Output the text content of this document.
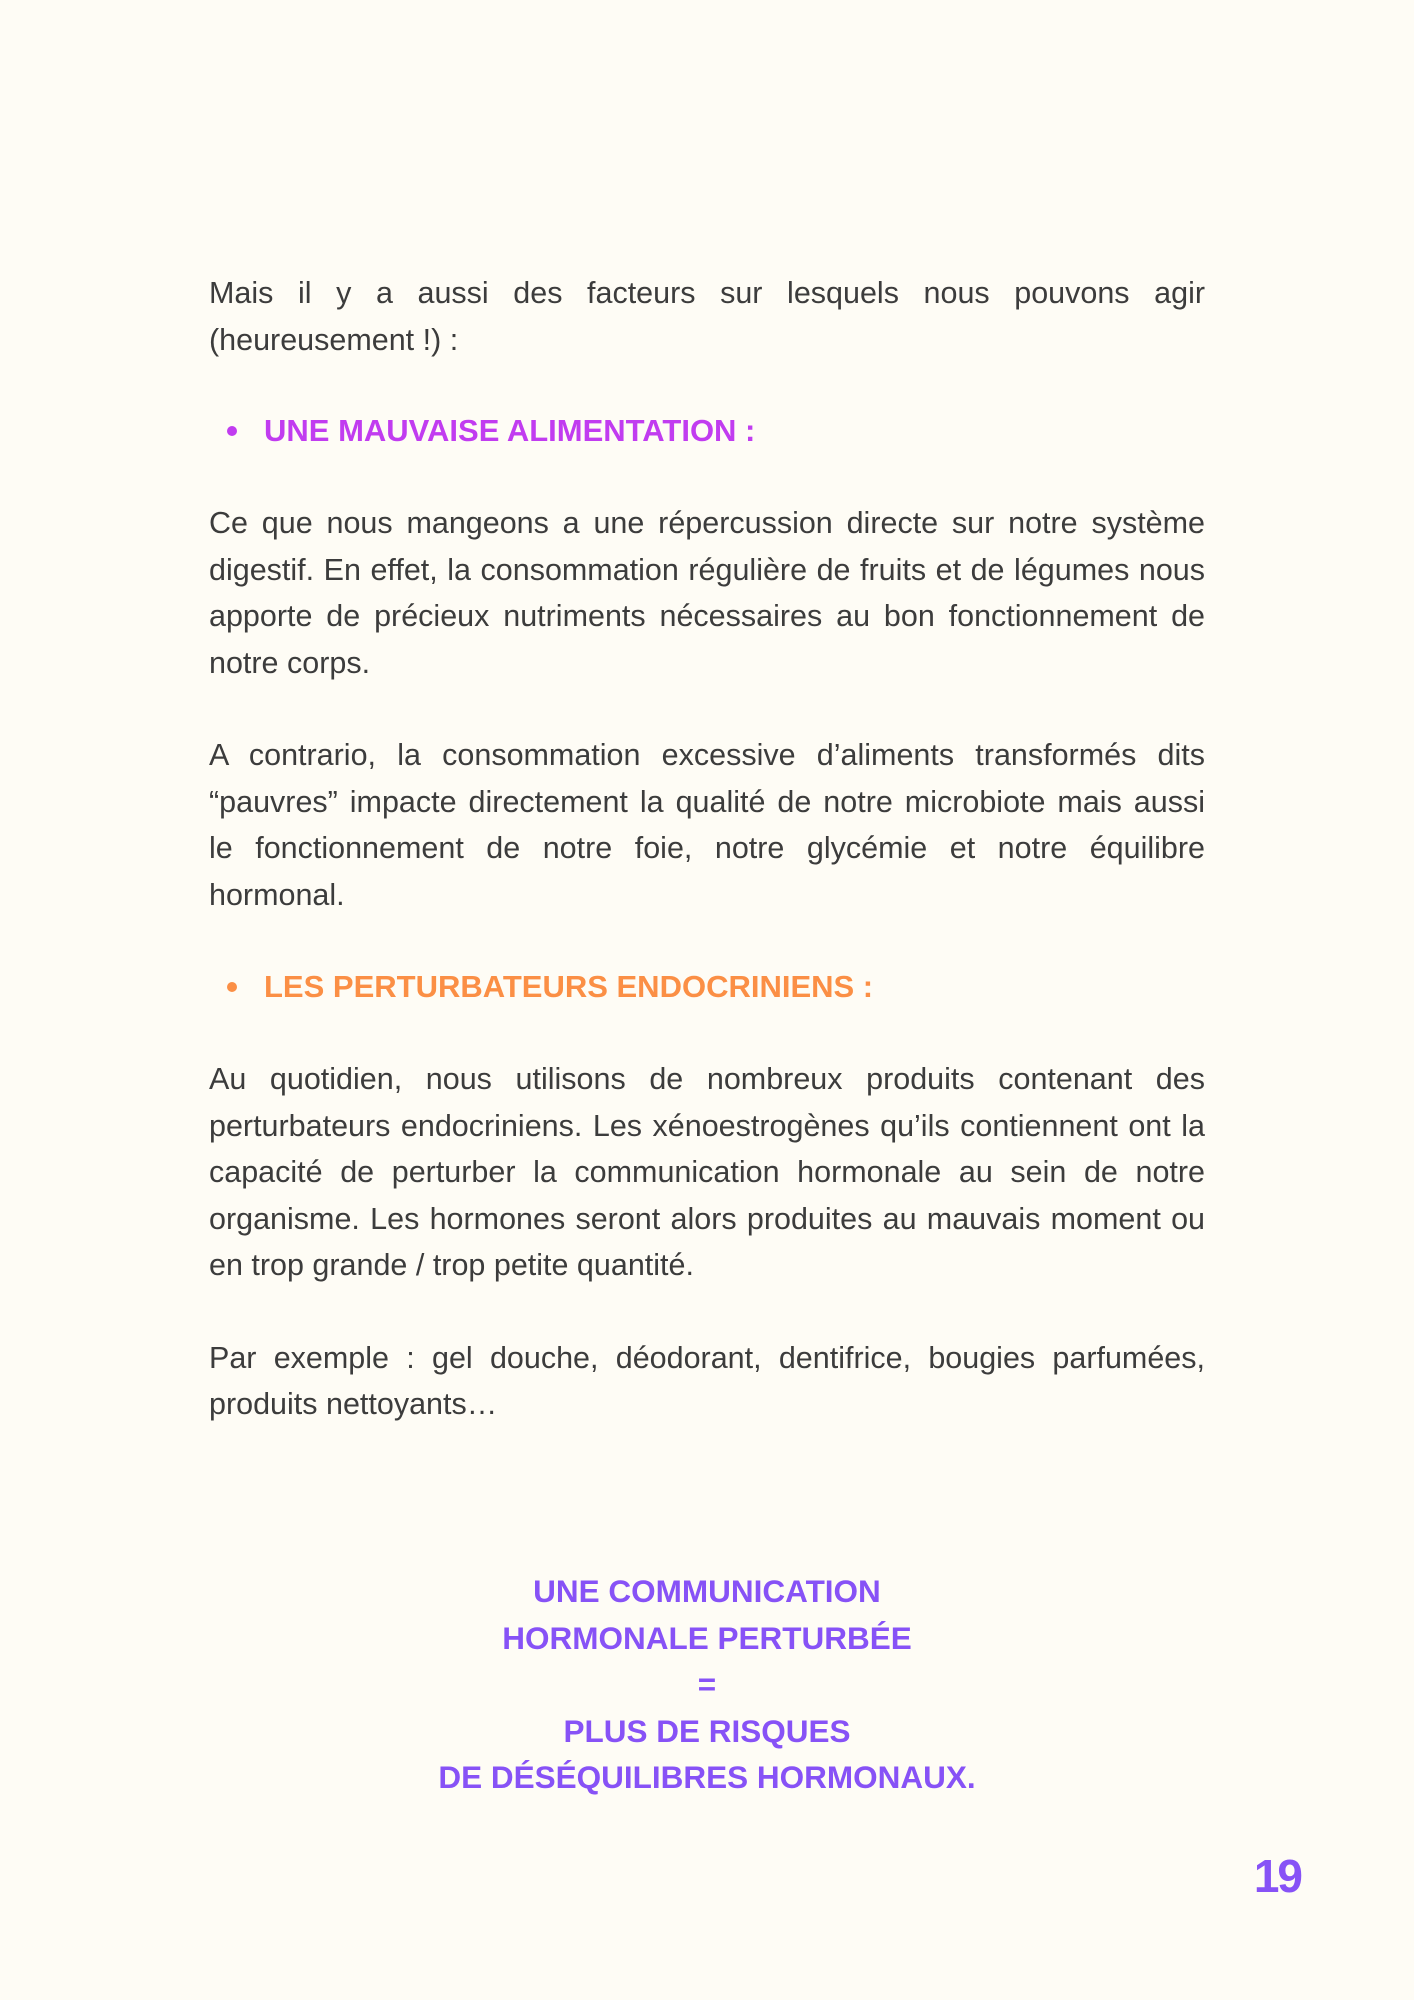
Mais il y a aussi des facteurs sur lesquels nous pouvons agir (heureusement !) :

UNE MAUVAISE ALIMENTATION :

Ce que nous mangeons a une répercussion directe sur notre système digestif. En effet, la consommation régulière de fruits et de légumes nous apporte de précieux nutriments nécessaires au bon fonctionnement de notre corps.

A contrario, la consommation excessive d’aliments transformés dits “pauvres” impacte directement la qualité de notre microbiote mais aussi le fonctionnement de notre foie, notre glycémie et notre équilibre hormonal.

LES PERTURBATEURS ENDOCRINIENS :

Au quotidien, nous utilisons de nombreux produits contenant des perturbateurs endocriniens. Les xénoestrogènes qu’ils contiennent ont la capacité de perturber la communication hormonale au sein de notre organisme. Les hormones seront alors produites au mauvais moment ou en trop grande / trop petite quantité.

Par exemple : gel douche, déodorant, dentifrice, bougies parfumées, produits nettoyants…

UNE COMMUNICATION
HORMONALE PERTURBÉE
=
PLUS DE RISQUES
DE DÉSÉQUILIBRES HORMONAUX.
19
